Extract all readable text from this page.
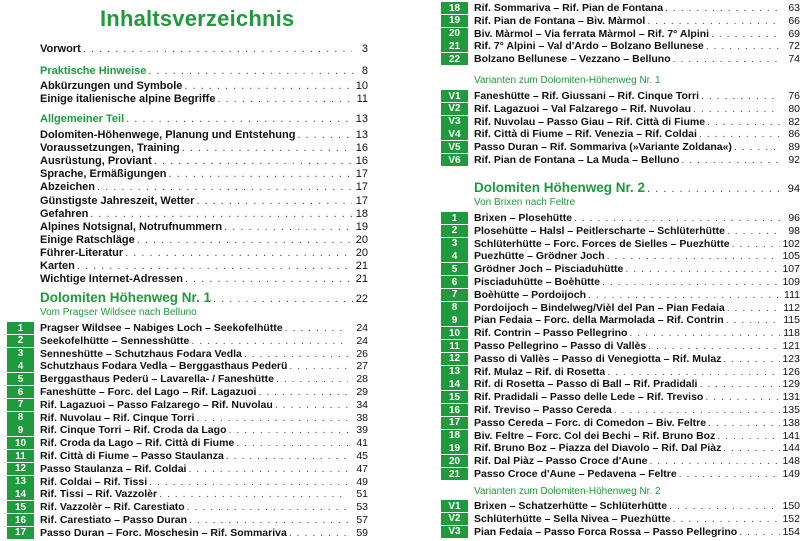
Inhaltsverzeichnis
Vorwort . . .	3
Praktische Hinweise . . .	8
Abkürzungen und Symbole . . .	10
Einige italienische alpine Begriffe . . .	11
Allgemeiner Teil . . .	13
Dolomiten-Höhenwege, Planung und Entstehung . . .	13
Voraussetzungen, Training . . .	16
Ausrüstung, Proviant . . .	16
Sprache, Ermäßigungen . . .	17
Abzeichen . . .	17
Günstigste Jahreszeit, Wetter . . .	17
Gefahren . . .	18
Alpines Notsignal, Notrufnummern . . .	19
Einige Ratschläge . . .	20
Führer-Literatur . . .	20
Karten . . .	21
Wichtige Internet-Adressen . . .	21
Dolomiten Höhenweg Nr. 1 . . .	22
Vom Pragser Wildsee nach Belluno
1	Pragser Wildsee – Nabiges Loch – Seekofelhütte . . .	24
2	Seekofelhütte – Sennesshütte . . .	24
3	Senneshütte – Schutzhaus Fodara Vedla . . .	26
4	Schutzhaus Fodara Vedla – Berggasthaus Pederü . . .	27
5	Berggasthaus Pederü – Lavarella- / Faneshütte . . .	28
6	Faneshütte – Forc. del Lago – Rif. Lagazuoi . . .	29
7	Rif. Lagazuoi – Passo Falzarego – Rif. Nuvolau . . .	34
8	Rif. Nuvolau – Rif. Cinque Torri . . .	38
9	Rif. Cinque Torri – Rif. Croda da Lago . . .	39
10	Rif. Croda da Lago – Rif. Città di Fiume . . .	41
11	Rif. Città di Fiume – Passo Staulanza . . .	45
12	Passo Staulanza – Rif. Coldai . . .	47
13	Rif. Coldai – Rif. Tissi . . .	49
14	Rif. Tissi – Rif. Vazzolèr . . .	51
15	Rif. Vazzolèr – Rif. Carestiato . . .	53
16	Rif. Carestiato – Passo Duran . . .	57
17	Passo Duran – Forc. Moschesin – Rif. Sommariva . . .	59
18	Rif. Sommariva – Rif. Pian de Fontana . . .	63
19	Rif. Pian de Fontana – Biv. Màrmol . . .	66
20	Biv. Màrmol – Via ferrata Màrmol – Rif. 7° Alpini . . .	69
21	Rif. 7° Alpini – Val d'Ardo – Bolzano Bellunese . . .	72
22	Bolzano Bellunese – Vezzano – Belluno . . .	74
Varianten zum Dolomiten-Höhenweg Nr. 1
V1	Faneshütte – Rif. Giussani – Rif. Cinque Torri . . .	76
V2	Rif. Lagazuoi – Val Falzarego – Rif. Nuvolau . . .	80
V3	Rif. Nuvolau – Passo Giau – Rif. Città di Fiume . . .	82
V4	Rif. Città di Fiume – Rif. Venezia – Rif. Coldai . . .	86
V5	Passo Duran – Rif. Sommariva (»Variante Zoldana«) . . .	89
V6	Rif. Pian de Fontana – La Muda – Belluno . . .	92
Dolomiten Höhenweg Nr. 2 . . .	94
Von Brixen nach Feltre
1	Brixen – Plosehütte . . .	96
2	Plosehütte – Halsl – Peitlerscharte – Schlüterhütte . . .	98
3	Schlüterhütte – Forc. Forces de Sielles – Puezhütte . . .	102
4	Puezhütte – Grödner Joch . . .	105
5	Grödner Joch – Pisciaduhütte . . .	107
6	Pisciaduhütte – Boèhütte . . .	109
7	Boèhütte – Pordoijoch . . .	111
8	Pordoijoch – Bindelweg/Vièl del Pan – Pian Fedaia . . .	112
9	Pian Fedaia – Forc. della Marmolada – Rif. Contrin . . .	115
10	Rif. Contrin – Passo Pellegrino . . .	118
11	Passo Pellegrino – Passo di Vallès . . .	121
12	Passo di Vallès – Passo di Venegiotta – Rif. Mulaz . . .	123
13	Rif. Mulaz – Rif. di Rosetta . . .	126
14	Rif. di Rosetta – Passo di Ball – Rif. Pradidali . . .	129
15	Rif. Pradidali – Passo delle Lede – Rif. Treviso . . .	131
16	Rif. Treviso – Passo Cereda . . .	135
17	Passo Cereda – Forc. di Comedon – Biv. Feltre . . .	138
18	Biv. Feltre – Forc. Col dei Bechi – Rif. Bruno Boz . . .	141
19	Rif. Bruno Boz – Piazza del Diavolo – Rif. Dal Piàz . . .	144
20	Rif. Dal Piàz – Passo Croce d'Aune . . .	148
21	Passo Croce d'Aune – Pedavena – Feltre . . .	149
Varianten zum Dolomiten-Höhenweg Nr. 2
V1	Brixen – Schatzerhütte – Schlüterhütte . . .	150
V2	Schlüterhütte – Sella Nivea – Puezhütte . . .	152
V3	Pian Fedaia – Passo Forca Rossa – Passo Pellegrino . . .	154
